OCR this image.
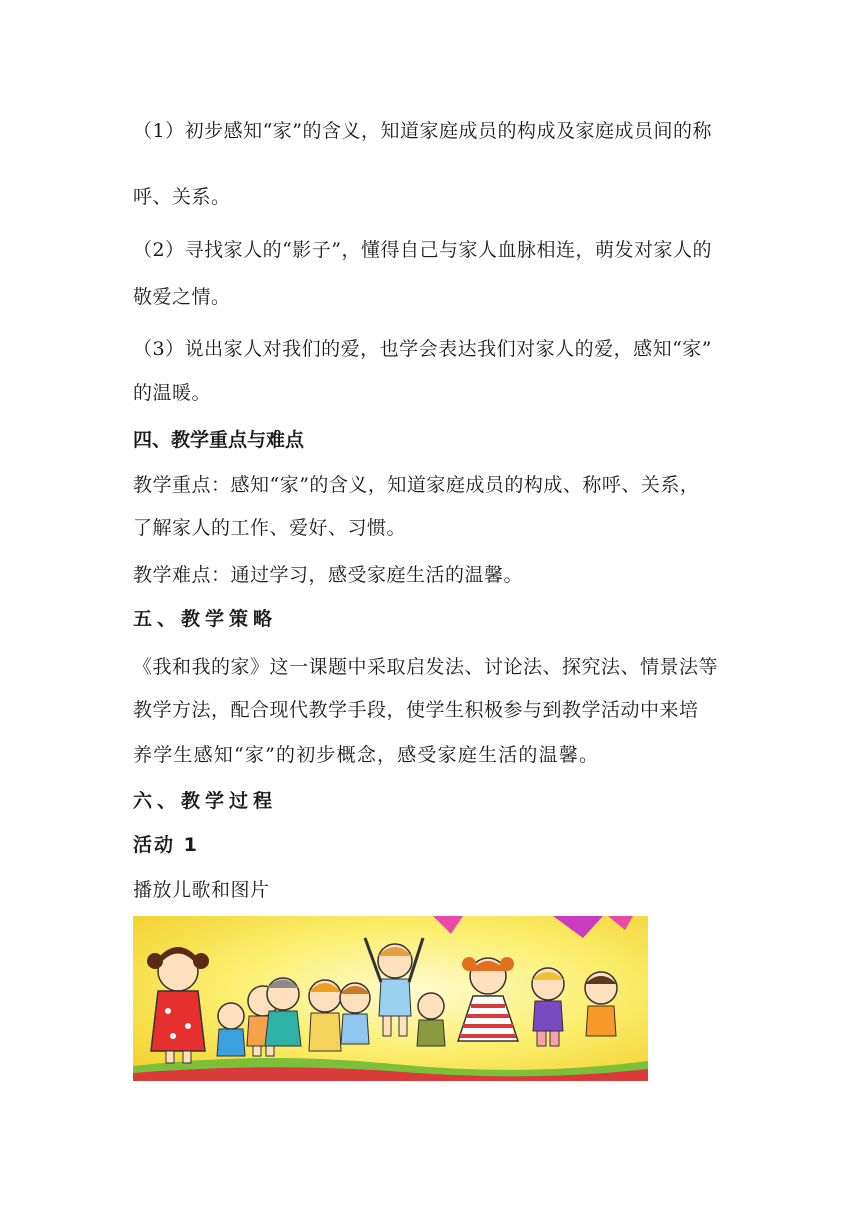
（1）初步感知“家”的含义，知道家庭成员的构成及家庭成员间的称
呼、关系。
（2）寻找家人的“影子”，懂得自己与家人血脉相连，萌发对家人的
敬爱之情。
（3）说出家人对我们的爱，也学会表达我们对家人的爱，感知“家”
的温暖。
四、教学重点与难点
教学重点：感知“家”的含义，知道家庭成员的构成、称呼、关系，
了解家人的工作、爱好、习惯。
教学难点：通过学习，感受家庭生活的温馨。
五、教学策略
《我和我的家》这一课题中采取启发法、讨论法、探究法、情景法等
教学方法，配合现代教学手段，使学生积极参与到教学活动中来培
养学生感知“家”的初步概念，感受家庭生活的温馨。
六、教学过程
活动 1
播放儿歌和图片
